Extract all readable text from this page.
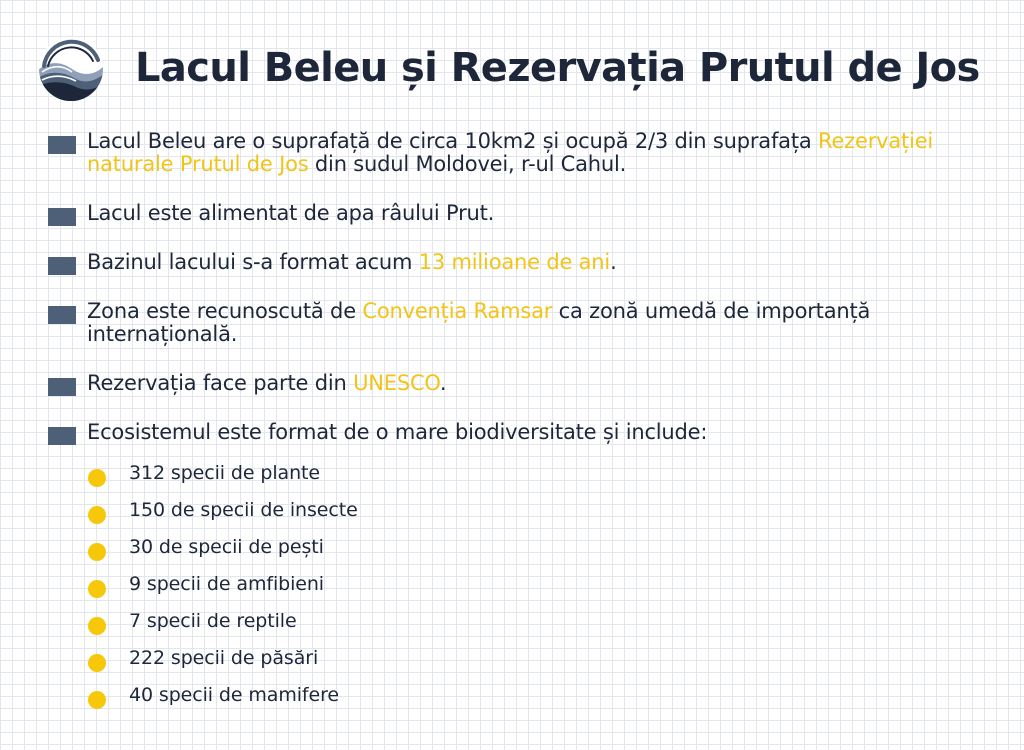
Lacul Beleu și Rezervația Prutul de Jos
Lacul Beleu are o suprafață de circa 10km2 și ocupă 2/3 din suprafața Rezervației naturale Prutul de Jos din sudul Moldovei, r-ul Cahul.
Lacul este alimentat de apa râului Prut.
Bazinul lacului s-a format acum 13 milioane de ani.
Zona este recunoscută de Convenția Ramsar ca zonă umedă de importanță internațională.
Rezervația face parte din UNESCO.
Ecosistemul este format de o mare biodiversitate și include:
312 specii de plante
150 de specii de insecte
30 de specii de pești
9 specii de amfibieni
7 specii de reptile
222 specii de păsări
40 specii de mamifere
